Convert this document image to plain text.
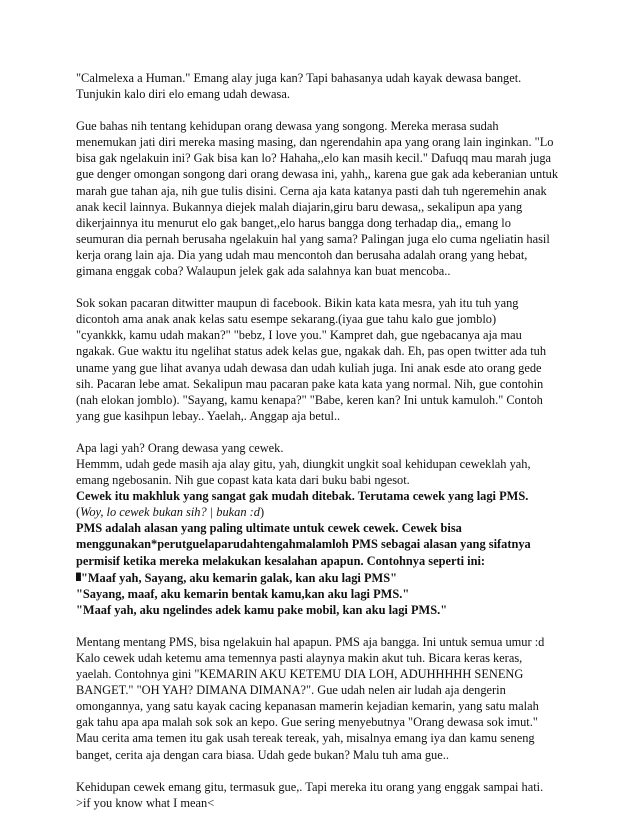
"Calmelexa a Human." Emang alay juga kan? Tapi bahasanya udah kayak dewasa banget.
Tunjukin kalo diri elo emang udah dewasa.

Gue bahas nih tentang kehidupan orang dewasa yang songong. Mereka merasa sudah
menemukan jati diri mereka masing masing, dan ngerendahin apa yang orang lain inginkan. "Lo
bisa gak ngelakuin ini? Gak bisa kan lo? Hahaha,,elo kan masih kecil." Dafuqq mau marah juga
gue denger omongan songong dari orang dewasa ini, yahh,, karena gue gak ada keberanian untuk
marah gue tahan aja, nih gue tulis disini. Cerna aja kata katanya pasti dah tuh ngeremehin anak
anak kecil lainnya. Bukannya diejek malah diajarin,giru baru dewasa,, sekalipun apa yang
dikerjainnya itu menurut elo gak banget,,elo harus bangga dong terhadap dia,, emang lo
seumuran dia pernah berusaha ngelakuin hal yang sama? Palingan juga elo cuma ngeliatin hasil
kerja orang lain aja. Dia yang udah mau mencontoh dan berusaha adalah orang yang hebat,
gimana enggak coba? Walaupun jelek gak ada salahnya kan buat mencoba..

Sok sokan pacaran ditwitter maupun di facebook. Bikin kata kata mesra, yah itu tuh yang
dicontoh ama anak anak kelas satu esempe sekarang.(iyaa gue tahu kalo gue jomblo)
"cyankkk, kamu udah makan?" "bebz, I love you." Kampret dah, gue ngebacanya aja mau
ngakak. Gue waktu itu ngelihat status adek kelas gue, ngakak dah. Eh, pas open twitter ada tuh
uname yang gue lihat avanya udah dewasa dan udah kuliah juga. Ini anak esde ato orang gede
sih. Pacaran lebe amat. Sekalipun mau pacaran pake kata kata yang normal. Nih, gue contohin
(nah elokan jomblo). "Sayang, kamu kenapa?" "Babe, keren kan? Ini untuk kamuloh." Contoh
yang gue kasihpun lebay.. Yaelah,. Anggap aja betul..

Apa lagi yah? Orang dewasa yang cewek.
Hemmm, udah gede masih aja alay gitu, yah, diungkit ungkit soal kehidupan ceweklah yah,
emang ngebosanin. Nih gue copast kata kata dari buku babi ngesot.
Cewek itu makhluk yang sangat gak mudah ditebak. Terutama cewek yang lagi PMS.
(Woy, lo cewek bukan sih? | bukan :d)
PMS adalah alasan yang paling ultimate untuk cewek cewek. Cewek bisa
menggunakan*perutguelaparudahtengahmalamloh PMS sebagai alasan yang sifatnya
permisif ketika mereka melakukan kesalahan apapun. Contohnya seperti ini:
█"Maaf yah, Sayang, aku kemarin galak, kan aku lagi PMS"
"Sayang, maaf, aku kemarin bentak kamu,kan aku lagi PMS."
"Maaf yah, aku ngelindes adek kamu pake mobil, kan aku lagi PMS."

Mentang mentang PMS, bisa ngelakuin hal apapun. PMS aja bangga. Ini untuk semua umur :d
Kalo cewek udah ketemu ama temennya pasti alaynya makin akut tuh. Bicara keras keras,
yaelah. Contohnya gini "KEMARIN AKU KETEMU DIA LOH, ADUHHHHH SENENG
BANGET." "OH YAH? DIMANA DIMANA?". Gue udah nelen air ludah aja dengerin
omongannya, yang satu kayak cacing kepanasan mamerin kejadian kemarin, yang satu malah
gak tahu apa apa malah sok sok an kepo. Gue sering menyebutnya "Orang dewasa sok imut."
Mau cerita ama temen itu gak usah tereak tereak, yah, misalnya emang iya dan kamu seneng
banget, cerita aja dengan cara biasa. Udah gede bukan? Malu tuh ama gue..

Kehidupan cewek emang gitu, termasuk gue,. Tapi mereka itu orang yang enggak sampai hati.
>if you know what I mean<
